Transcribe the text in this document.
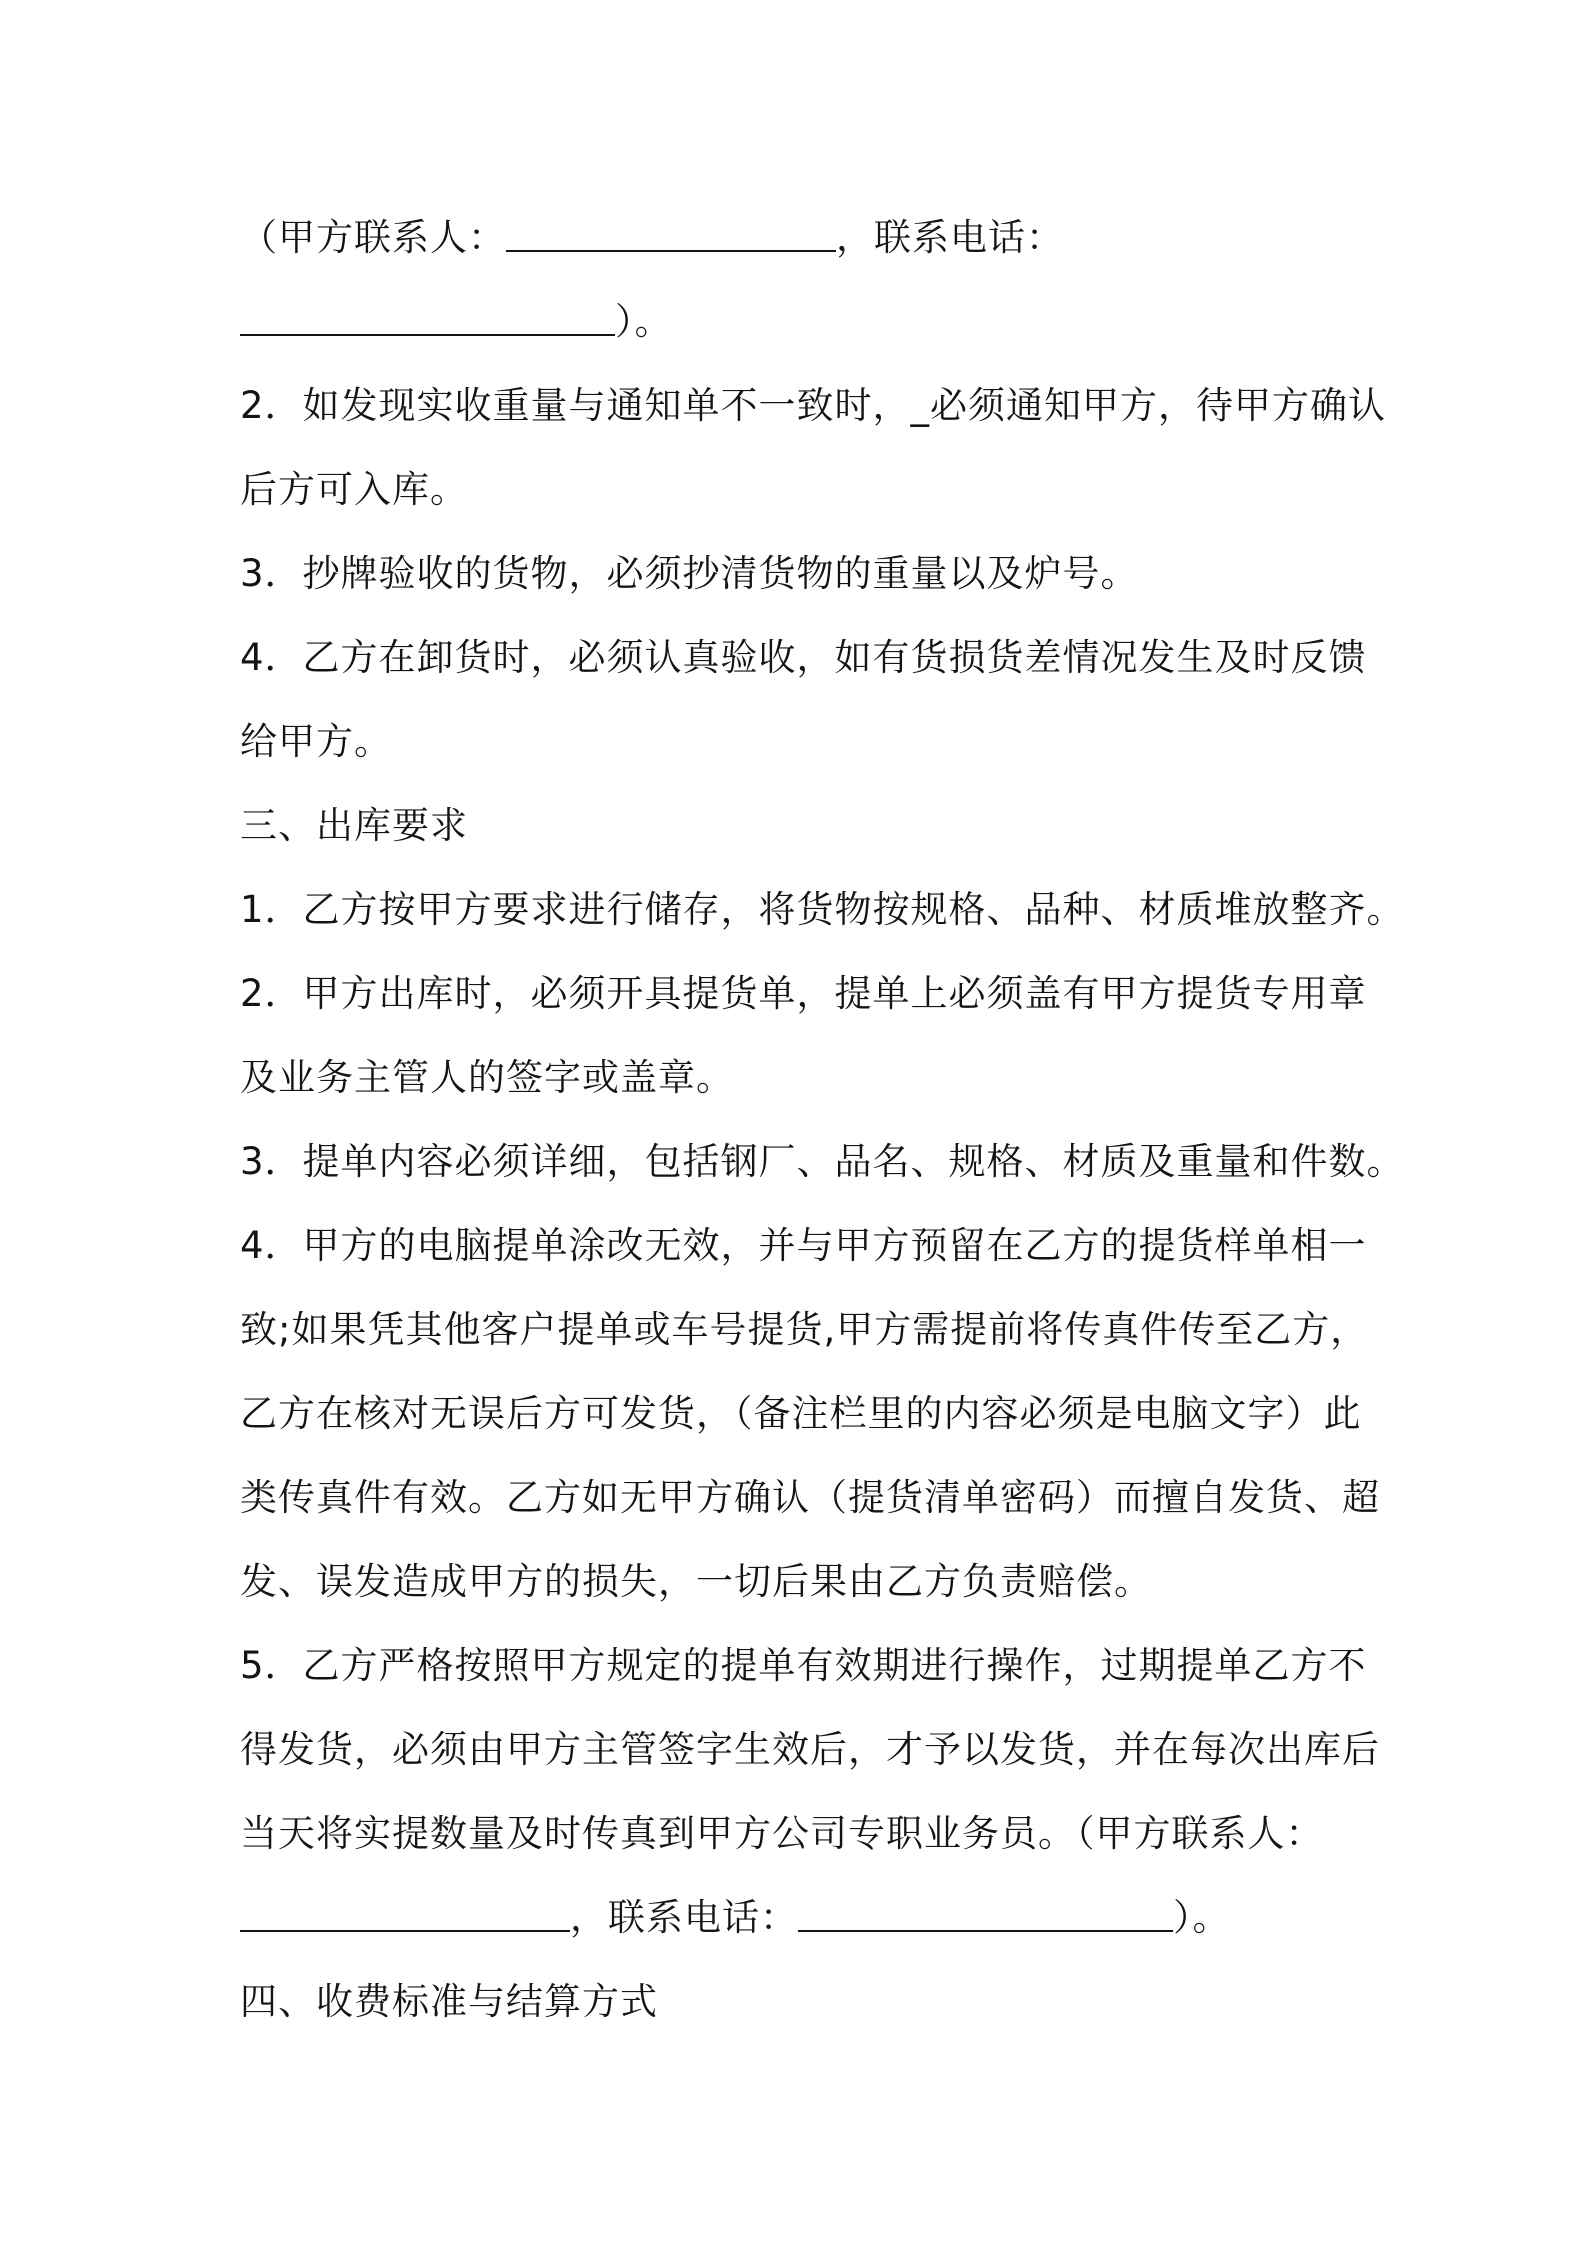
（甲方联系人：	，联系电话：
）。
2．如发现实收重量与通知单不一致时，_必须通知甲方，待甲方确认
后方可入库。
3．抄牌验收的货物，必须抄清货物的重量以及炉号。
4．乙方在卸货时，必须认真验收，如有货损货差情况发生及时反馈
给甲方。
三、出库要求
1．乙方按甲方要求进行储存，将货物按规格、品种、材质堆放整齐。
2．甲方出库时，必须开具提货单，提单上必须盖有甲方提货专用章
及业务主管人的签字或盖章。
3．提单内容必须详细，包括钢厂、品名、规格、材质及重量和件数。
4．甲方的电脑提单涂改无效，并与甲方预留在乙方的提货样单相一
致;如果凭其他客户提单或车号提货,甲方需提前将传真件传至乙方，
乙方在核对无误后方可发货，（备注栏里的内容必须是电脑文字）此
类传真件有效。乙方如无甲方确认（提货清单密码）而擅自发货、超
发、误发造成甲方的损失，一切后果由乙方负责赔偿。
5．乙方严格按照甲方规定的提单有效期进行操作，过期提单乙方不
得发货，必须由甲方主管签字生效后，才予以发货，并在每次出库后
当天将实提数量及时传真到甲方公司专职业务员。（甲方联系人：
，联系电话：	）。
四、收费标准与结算方式
